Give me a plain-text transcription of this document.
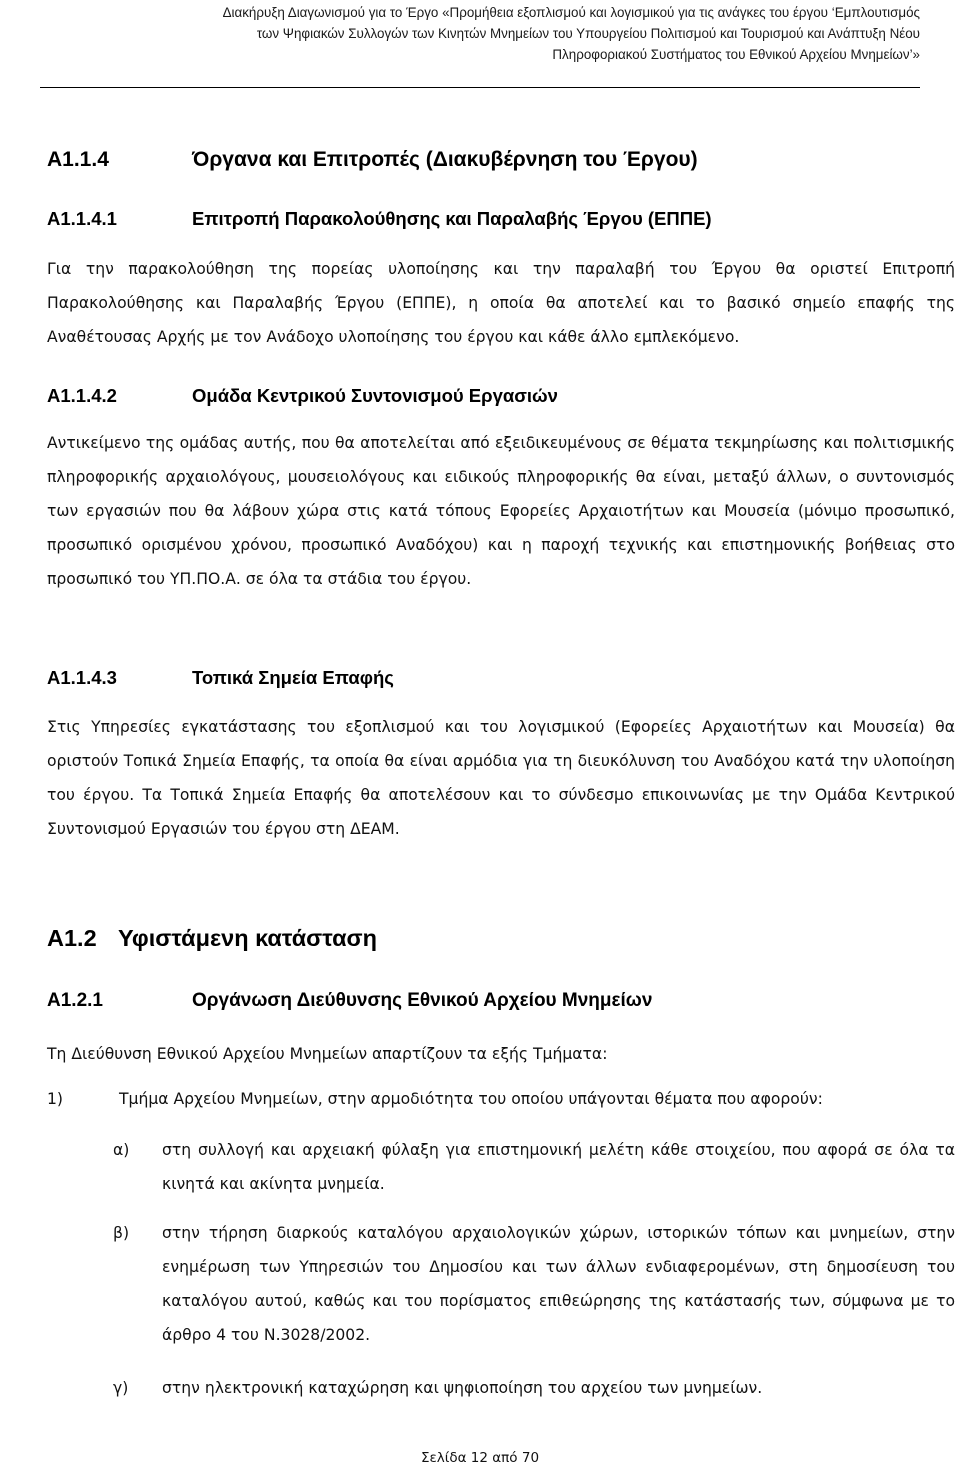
Διακήρυξη Διαγωνισμού για το Έργο «Προμήθεια εξοπλισμού και λογισμικού για τις ανάγκες του έργου ‘Εμπλουτισμός
των Ψηφιακών Συλλογών των Κινητών Μνημείων του Υπουργείου Πολιτισμού και Τουρισμού και Ανάπτυξη Νέου
Πληροφοριακού Συστήματος του Εθνικού Αρχείου Μνημείων’»
Α1.1.4	Όργανα και Επιτροπές (Διακυβέρνηση του Έργου)
Α1.1.4.1	Επιτροπή Παρακολούθησης και Παραλαβής Έργου (ΕΠΠΕ)
Για την παρακολούθηση της πορείας υλοποίησης και την παραλαβή του Έργου θα οριστεί Επιτροπή Παρακολούθησης και Παραλαβής Έργου (ΕΠΠΕ), η οποία θα αποτελεί και το βασικό σημείο επαφής της Αναθέτουσας Αρχής με τον Ανάδοχο υλοποίησης του έργου και κάθε άλλο εμπλεκόμενο.
Α1.1.4.2	Ομάδα Κεντρικού Συντονισμού Εργασιών
Αντικείμενο της ομάδας αυτής, που θα αποτελείται από εξειδικευμένους σε θέματα τεκμηρίωσης και πολιτισμικής πληροφορικής αρχαιολόγους, μουσειολόγους και ειδικούς πληροφορικής θα είναι, μεταξύ άλλων, ο συντονισμός των εργασιών που θα λάβουν χώρα στις κατά τόπους Εφορείες Αρχαιοτήτων και Μουσεία (μόνιμο προσωπικό, προσωπικό ορισμένου χρόνου, προσωπικό Αναδόχου) και η παροχή τεχνικής και επιστημονικής βοήθειας στο προσωπικό του ΥΠ.ΠΟ.Α. σε όλα τα στάδια του έργου.
Α1.1.4.3	Τοπικά Σημεία Επαφής
Στις Υπηρεσίες εγκατάστασης του εξοπλισμού και του λογισμικού (Εφορείες Αρχαιοτήτων και Μουσεία) θα οριστούν Τοπικά Σημεία Επαφής, τα οποία θα είναι αρμόδια για τη διευκόλυνση του Αναδόχου κατά την υλοποίηση του έργου. Τα Τοπικά Σημεία Επαφής θα αποτελέσουν και το σύνδεσμο επικοινωνίας με την Ομάδα Κεντρικού Συντονισμού Εργασιών του έργου στη ΔΕΑΜ.
Α1.2 Υφιστάμενη κατάσταση
Α1.2.1	Οργάνωση Διεύθυνσης Εθνικού Αρχείου Μνημείων
Τη Διεύθυνση Εθνικού Αρχείου Μνημείων απαρτίζουν τα εξής Τμήματα:
1)	Τμήμα Αρχείου Μνημείων, στην αρμοδιότητα του οποίου υπάγονται θέματα που αφορούν:
α) στη συλλογή και αρχειακή φύλαξη για επιστημονική μελέτη κάθε στοιχείου, που αφορά σε όλα τα κινητά και ακίνητα μνημεία.
β) στην τήρηση διαρκούς καταλόγου αρχαιολογικών χώρων, ιστορικών τόπων και μνημείων, στην ενημέρωση των Υπηρεσιών του Δημοσίου και των άλλων ενδιαφερομένων, στη δημοσίευση του καταλόγου αυτού, καθώς και του πορίσματος επιθεώρησης της κατάστασής των, σύμφωνα με το άρθρο 4 του Ν.3028/2002.
γ) στην ηλεκτρονική καταχώρηση και ψηφιοποίηση του αρχείου των μνημείων.
Σελίδα 12 από 70
